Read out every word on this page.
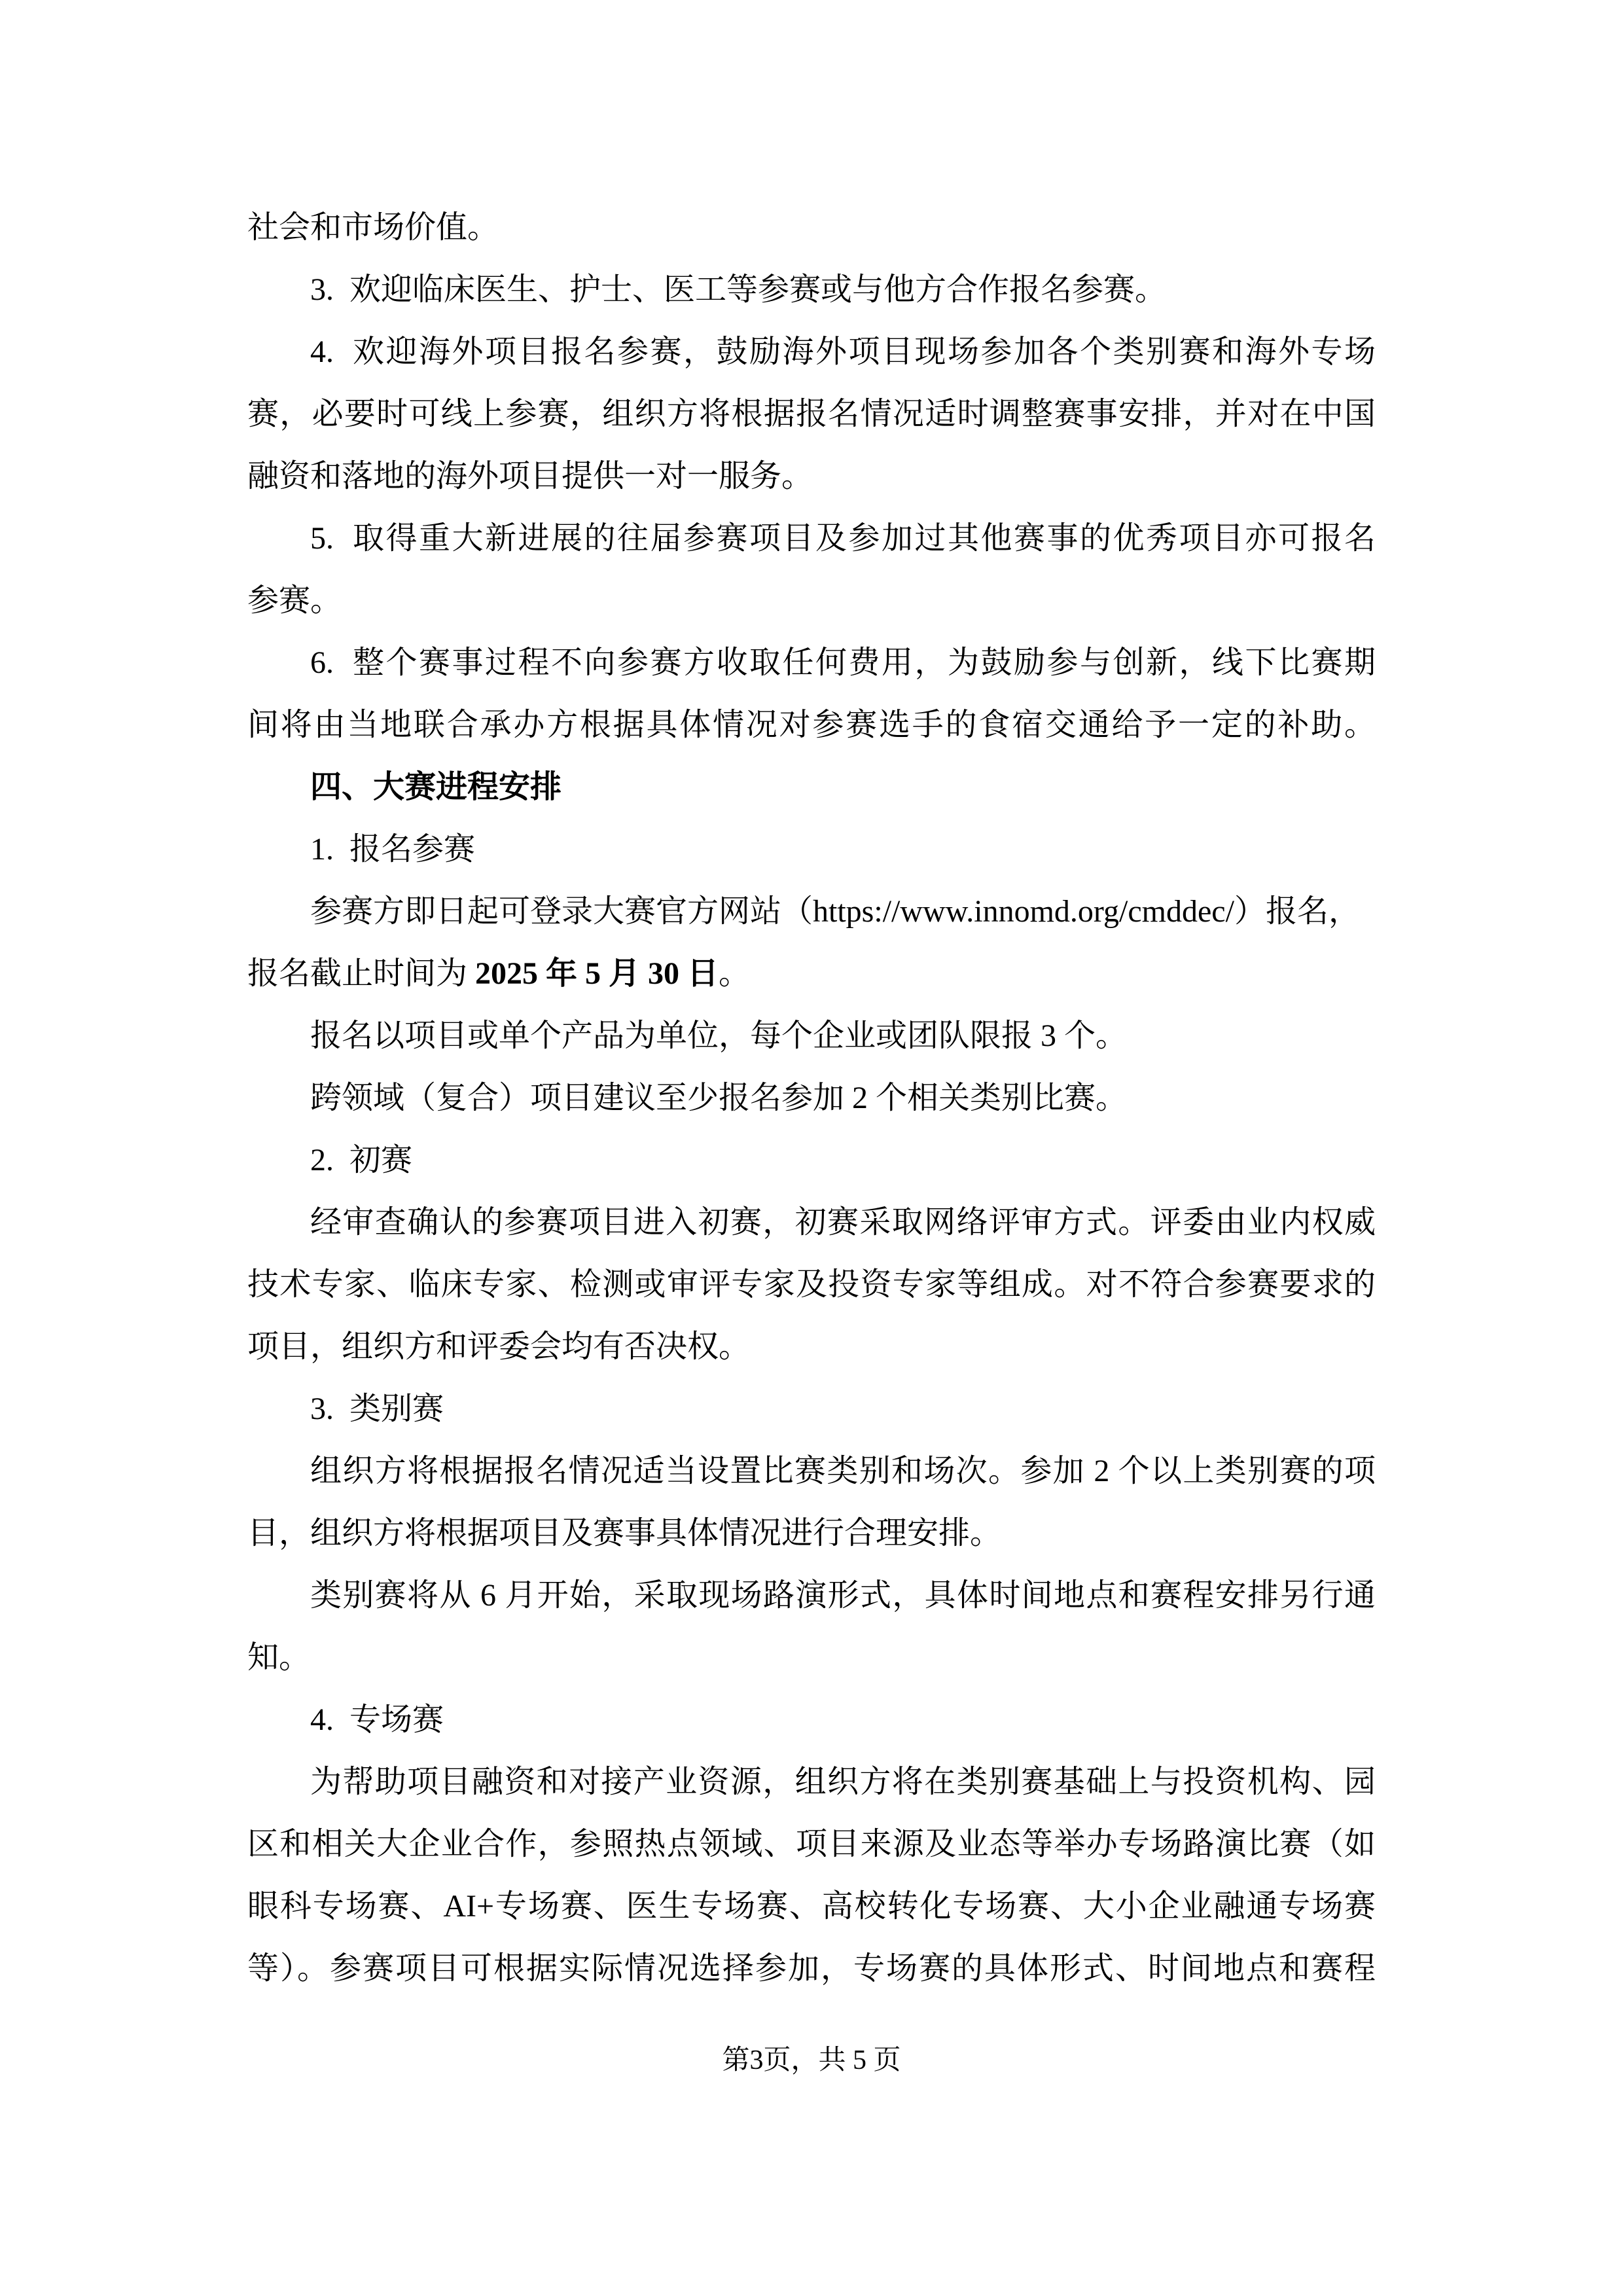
社会和市场价值。
3.  欢迎临床医生、护士、医工等参赛或与他方合作报名参赛。
4.  欢迎海外项目报名参赛，鼓励海外项目现场参加各个类别赛和海外专场
赛，必要时可线上参赛，组织方将根据报名情况适时调整赛事安排，并对在中国
融资和落地的海外项目提供一对一服务。
5.  取得重大新进展的往届参赛项目及参加过其他赛事的优秀项目亦可报名
参赛。
6.  整个赛事过程不向参赛方收取任何费用，为鼓励参与创新，线下比赛期
间将由当地联合承办方根据具体情况对参赛选手的食宿交通给予一定的补助。
四、大赛进程安排
1.  报名参赛
参赛方即日起可登录大赛官方网站（https://www.innomd.org/cmddec/）报名，
报名截止时间为 2025 年 5 月 30 日。
报名以项目或单个产品为单位，每个企业或团队限报 3 个。
跨领域（复合）项目建议至少报名参加 2 个相关类别比赛。
2.  初赛
经审查确认的参赛项目进入初赛，初赛采取网络评审方式。评委由业内权威
技术专家、临床专家、检测或审评专家及投资专家等组成。对不符合参赛要求的
项目，组织方和评委会均有否决权。
3.  类别赛
组织方将根据报名情况适当设置比赛类别和场次。参加 2 个以上类别赛的项
目，组织方将根据项目及赛事具体情况进行合理安排。
类别赛将从 6 月开始，采取现场路演形式，具体时间地点和赛程安排另行通
知。
4.  专场赛
为帮助项目融资和对接产业资源，组织方将在类别赛基础上与投资机构、园
区和相关大企业合作，参照热点领域、项目来源及业态等举办专场路演比赛（如
眼科专场赛、AI+专场赛、医生专场赛、高校转化专场赛、大小企业融通专场赛
等）。参赛项目可根据实际情况选择参加，专场赛的具体形式、时间地点和赛程
第3页，共 5 页
